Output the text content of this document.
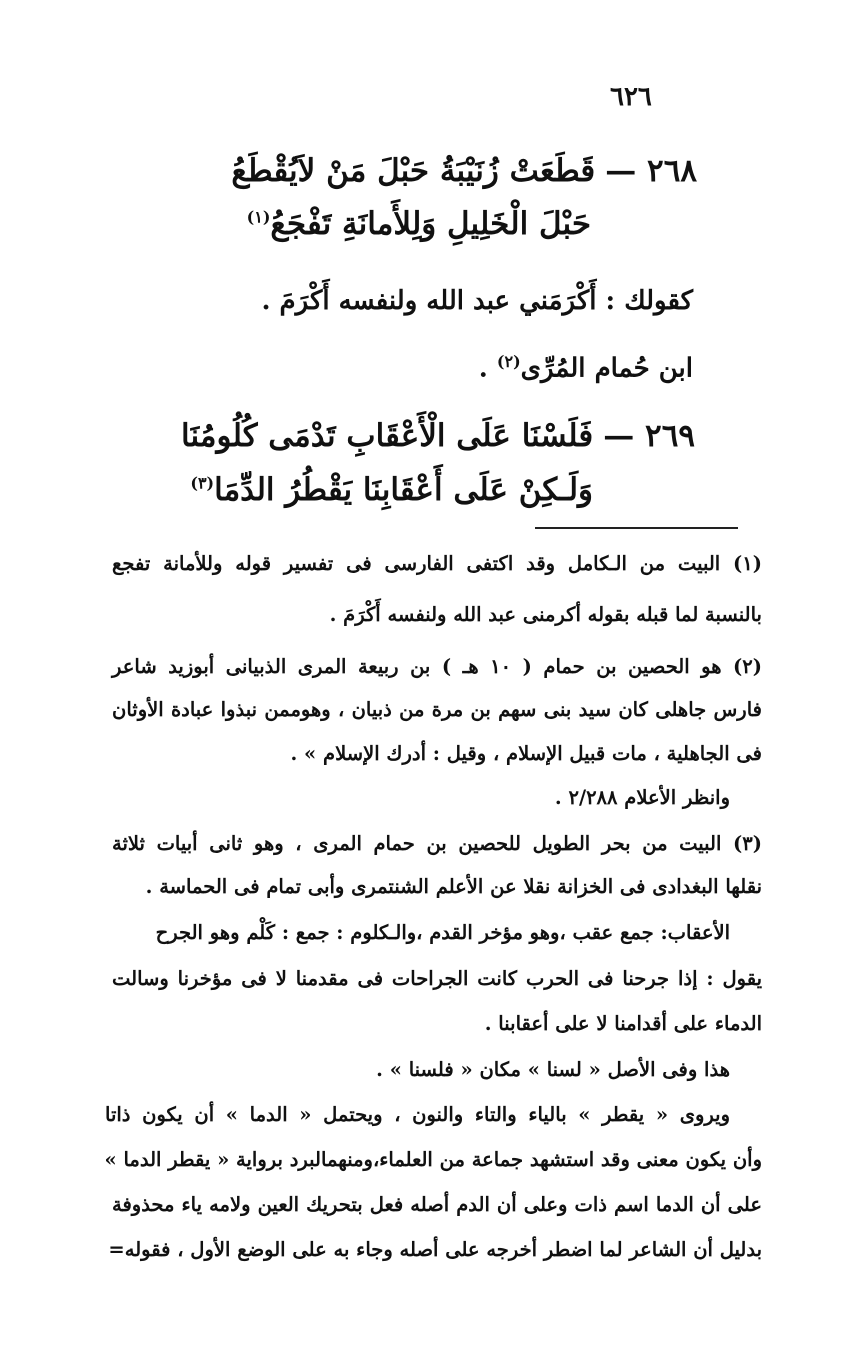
٦٢٦
٢٦٨ —قَطَعَتْ زُنَيْبَةُ حَبْلَ مَنْ لاَيُقْطَعُ
حَبْلَ الْخَلِيلِ وَلِلأَمانَةِ تَفْجَعُ$^{(١)}$
كقولك : أَكْرَمَني عبد الله ولنفسه أَكْرَمَ .
ابن حُمام المُرِّى$^{(٢)}$ .
٢٦٩ —فَلَسْنَا عَلَى الْأَعْقَابِ تَدْمَى كُلُومُنَا
وَلَـكِنْ عَلَى أَعْقَابِنَا يَقْطُرُ الدِّمَا$^{(٣)}$
(١) البيت من الـكامل وقد اكتفى الفارسى فى تفسير قوله وللأمانة تفجع
بالنسبة لما قبله بقوله أكرمنى عبد الله ولنفسه أَكْرَمَ .
(٢) هو الحصين بن حمام ( ١٠ هـ ) بن ربيعة المرى الذبيانى أبوزيد شاعر
فارس جاهلى كان سيد بنى سهم بن مرة من ذبيان ، وهوممن نبذوا عبادة الأوثان
فى الجاهلية ، مات قبيل الإسلام ، وقيل : أدرك الإسلام » .
وانظر الأعلام ٢/٢٨٨ .
(٣) البيت من بحر الطويل للحصين بن حمام المرى ، وهو ثانى أبيات ثلاثة
نقلها البغدادى فى الخزانة نقلا عن الأعلم الشنتمرى وأبى تمام فى الحماسة .
الأعقاب: جمع عقب ،وهو مؤخر القدم ،والـكلوم : جمع : كَلْم وهو الجرح
يقول : إذا جرحنا فى الحرب كانت الجراحات فى مقدمنا لا فى مؤخرنا وسالت
الدماء على أقدامنا لا على أعقابنا .
هذا وفى الأصل « لسنا » مكان « فلسنا » .
ويروى « يقطر » بالياء والتاء والنون ، ويحتمل « الدما » أن يكون ذاتا
وأن يكون معنى وقد استشهد جماعة من العلماء،ومنهمالبرد برواية « يقطر الدما »
على أن الدما اسم ذات وعلى أن الدم أصله فعل بتحريك العين ولامه ياء محذوفة
بدليل أن الشاعر لما اضطر أخرجه على أصله وجاء به على الوضع الأول ، فقوله=
